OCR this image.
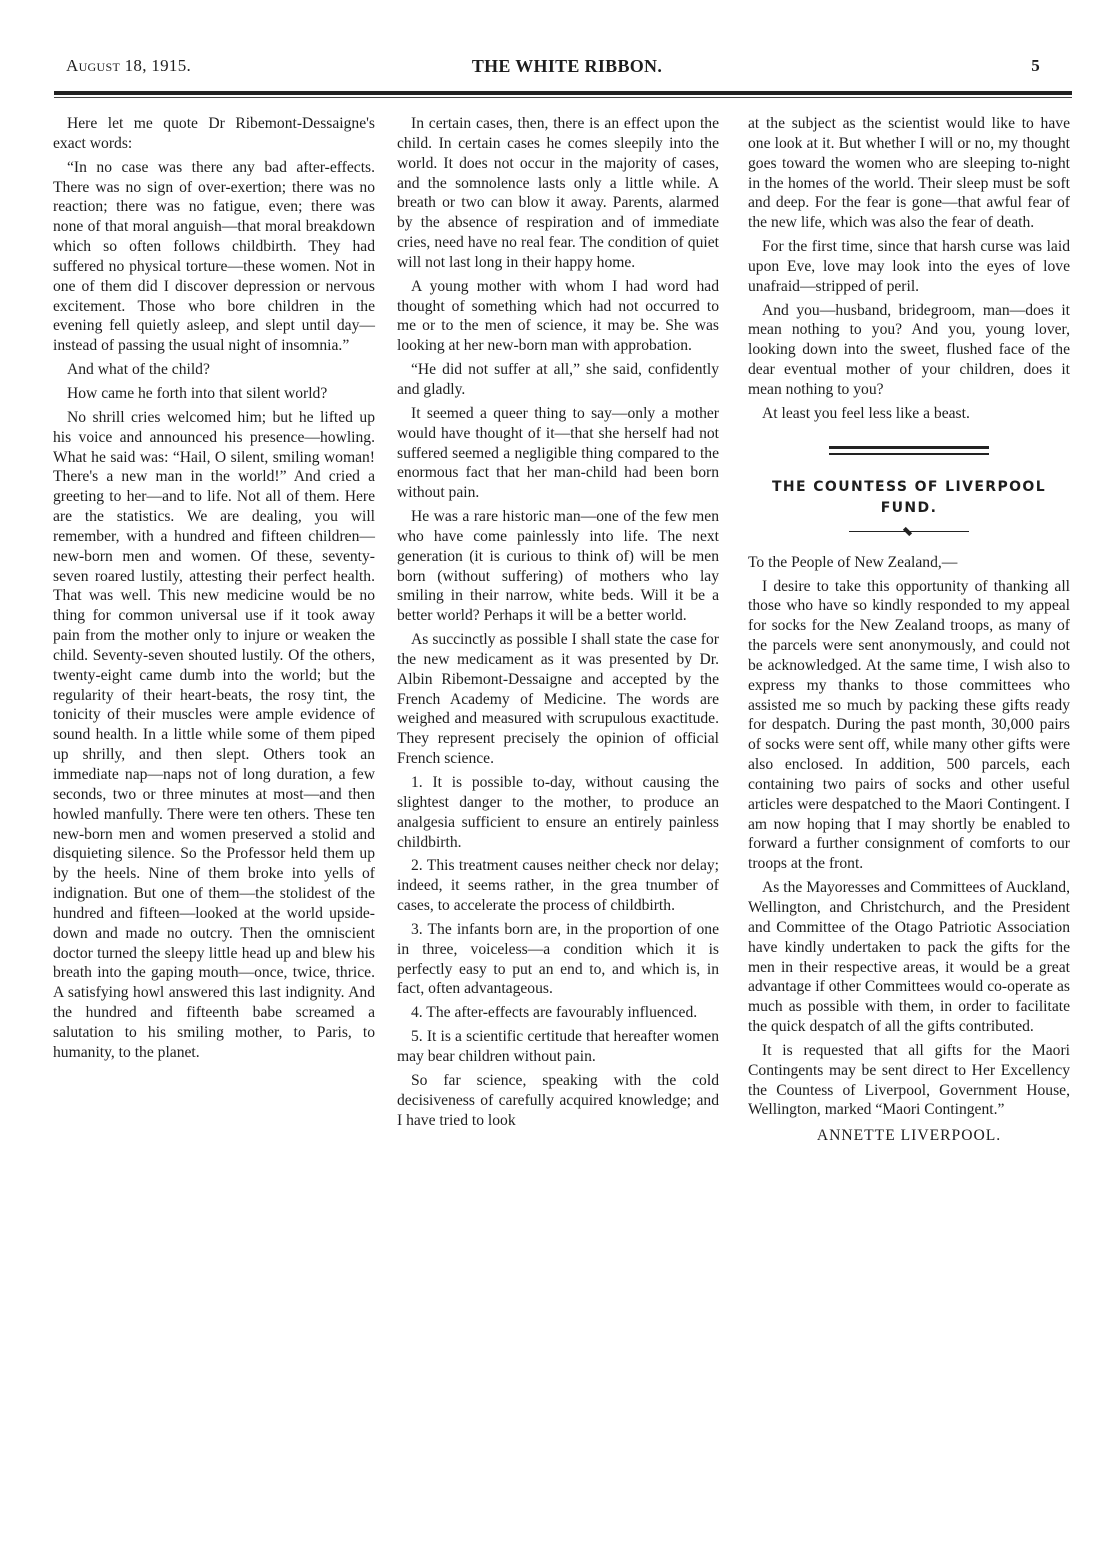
August 18, 1915.	THE WHITE RIBBON.	5

Here let me quote Dr Ribemont-Dessaigne's exact words:

“In no case was there any bad after-effects. There was no sign of over-exertion; there was no reaction; there was no fatigue, even; there was none of that moral anguish—that moral breakdown which so often follows childbirth. They had suffered no physical torture—these women. Not in one of them did I discover depression or nervous excitement. Those who bore children in the evening fell quietly asleep, and slept until day—instead of passing the usual night of insomnia.”

And what of the child?

How came he forth into that silent world?

No shrill cries welcomed him; but he lifted up his voice and announced his presence—howling. What he said was: “Hail, O silent, smiling woman! There's a new man in the world!” And cried a greeting to her—and to life. Not all of them. Here are the statistics. We are dealing, you will remember, with a hundred and fifteen children—new-born men and women. Of these, seventy-seven roared lustily, attesting their perfect health. That was well. This new medicine would be no thing for common universal use if it took away pain from the mother only to injure or weaken the child. Seventy-seven shouted lustily. Of the others, twenty-eight came dumb into the world; but the regularity of their heart-beats, the rosy tint, the tonicity of their muscles were ample evidence of sound health. In a little while some of them piped up shrilly, and then slept. Others took an immediate nap—naps not of long duration, a few seconds, two or three minutes at most—and then howled manfully. There were ten others. These ten new-born men and women preserved a stolid and disquieting silence. So the Professor held them up by the heels. Nine of them broke into yells of indignation. But one of them—the stolidest of the hundred and fifteen—looked at the world upside-down and made no outcry. Then the omniscient doctor turned the sleepy little head up and blew his breath into the gaping mouth—once, twice, thrice. A satisfying howl answered this last indignity. And the hundred and fifteenth babe screamed a salutation to his smiling mother, to Paris, to humanity, to the planet.

In certain cases, then, there is an effect upon the child. In certain cases he comes sleepily into the world. It does not occur in the majority of cases, and the somnolence lasts only a little while. A breath or two can blow it away. Parents, alarmed by the absence of respiration and of immediate cries, need have no real fear. The condition of quiet will not last long in their happy home.

A young mother with whom I had word had thought of something which had not occurred to me or to the men of science, it may be. She was looking at her new-born man with approbation.

“He did not suffer at all,” she said, confidently and gladly.

It seemed a queer thing to say—only a mother would have thought of it—that she herself had not suffered seemed a negligible thing compared to the enormous fact that her man-child had been born without pain.

He was a rare historic man—one of the few men who have come painlessly into life. The next generation (it is curious to think of) will be men born (without suffering) of mothers who lay smiling in their narrow, white beds. Will it be a better world? Perhaps it will be a better world.

As succinctly as possible I shall state the case for the new medicament as it was presented by Dr. Albin Ribemont-Dessaigne and accepted by the French Academy of Medicine. The words are weighed and measured with scrupulous exactitude. They represent precisely the opinion of official French science.

1. It is possible to-day, without causing the slightest danger to the mother, to produce an analgesia sufficient to ensure an entirely painless childbirth.

2. This treatment causes neither check nor delay; indeed, it seems rather, in the grea tnumber of cases, to accelerate the process of childbirth.

3. The infants born are, in the proportion of one in three, voiceless—a condition which it is perfectly easy to put an end to, and which is, in fact, often advantageous.

4. The after-effects are favourably influenced.

5. It is a scientific certitude that hereafter women may bear children without pain.

So far science, speaking with the cold decisiveness of carefully acquired knowledge; and I have tried to look

at the subject as the scientist would like to have one look at it. But whether I will or no, my thought goes toward the women who are sleeping to-night in the homes of the world. Their sleep must be soft and deep. For the fear is gone—that awful fear of the new life, which was also the fear of death.

For the first time, since that harsh curse was laid upon Eve, love may look into the eyes of love unafraid—stripped of peril.

And you—husband, bridegroom, man—does it mean nothing to you? And you, young lover, looking down into the sweet, flushed face of the dear eventual mother of your children, does it mean nothing to you?

At least you feel less like a beast.

THE COUNTESS OF LIVERPOOL FUND.

To the People of New Zealand,—

I desire to take this opportunity of thanking all those who have so kindly responded to my appeal for socks for the New Zealand troops, as many of the parcels were sent anonymously, and could not be acknowledged. At the same time, I wish also to express my thanks to those committees who assisted me so much by packing these gifts ready for despatch. During the past month, 30,000 pairs of socks were sent off, while many other gifts were also enclosed. In addition, 500 parcels, each containing two pairs of socks and other useful articles were despatched to the Maori Contingent. I am now hoping that I may shortly be enabled to forward a further consignment of comforts to our troops at the front.

As the Mayoresses and Committees of Auckland, Wellington, and Christchurch, and the President and Committee of the Otago Patriotic Association have kindly undertaken to pack the gifts for the men in their respective areas, it would be a great advantage if other Committees would co-operate as much as possible with them, in order to facilitate the quick despatch of all the gifts contributed.

It is requested that all gifts for the Maori Contingents may be sent direct to Her Excellency the Countess of Liverpool, Government House, Wellington, marked “Maori Contingent.”

ANNETTE LIVERPOOL.
